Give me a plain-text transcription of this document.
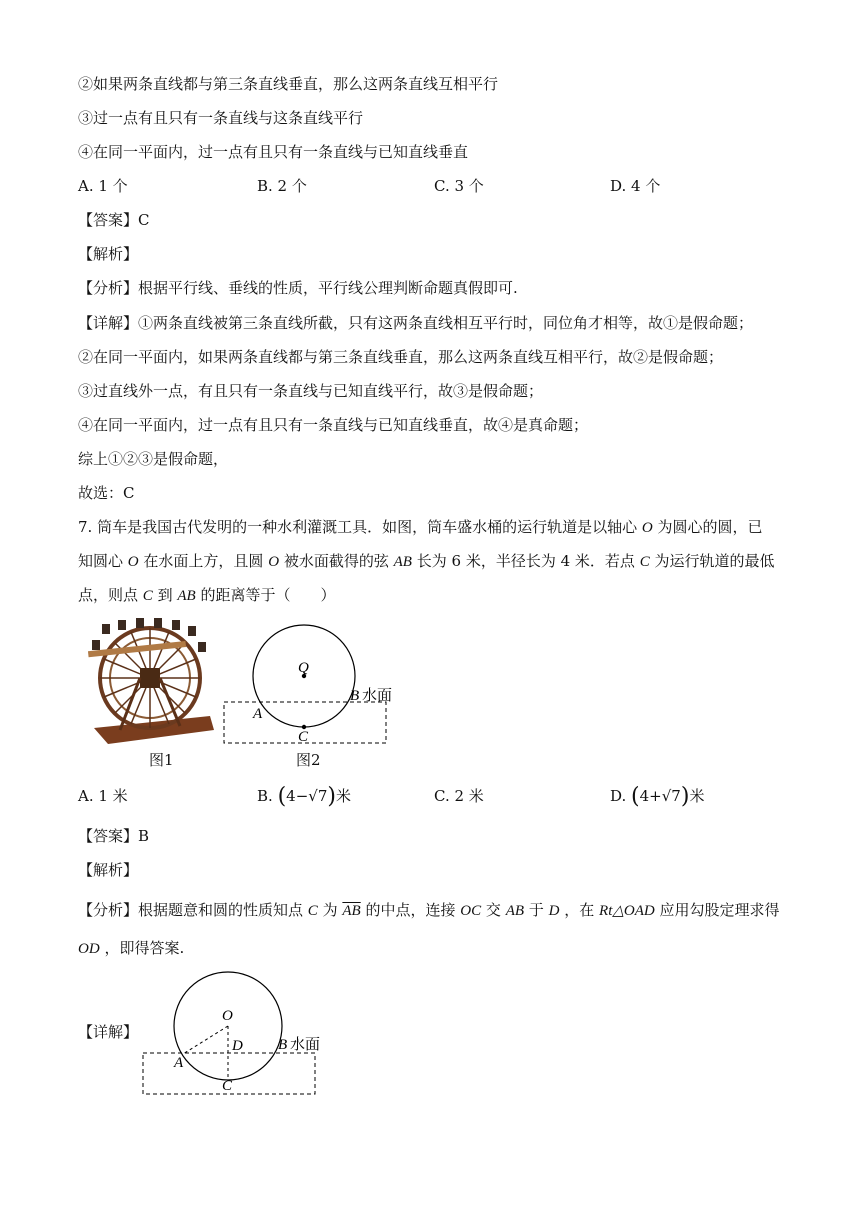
②如果两条直线都与第三条直线垂直，那么这两条直线互相平行
③过一点有且只有一条直线与这条直线平行
④在同一平面内，过一点有且只有一条直线与已知直线垂直
A. 1 个	B. 2 个	C. 3 个	D. 4 个
【答案】C
【解析】
【分析】根据平行线、垂线的性质，平行线公理判断命题真假即可.
【详解】①两条直线被第三条直线所截，只有这两条直线相互平行时，同位角才相等，故①是假命题；
②在同一平面内，如果两条直线都与第三条直线垂直，那么这两条直线互相平行，故②是假命题；
③过直线外一点，有且只有一条直线与已知直线平行，故③是假命题；
④在同一平面内，过一点有且只有一条直线与已知直线垂直，故④是真命题；
综上①②③是假命题，
故选：C
7. 筒车是我国古代发明的一种水利灌溉工具．如图，筒车盛水桶的运行轨道是以轴心 O 为圆心的圆，已
知圆心 O 在水面上方，且圆 O 被水面截得的弦 AB 长为 6 米，半径长为 4 米．若点 C 为运行轨道的最低
点，则点 C 到 AB 的距离等于（　　）
图1
Q
A
C
B 水面
图2
A. 1 米	B. (4−√7)米	C. 2 米	D. (4+√7)米
【答案】B
【解析】
【分析】根据题意和圆的性质知点 C 为 $\overline{AB}$ 的中点，连接 OC 交 AB 于 D ，在 Rt△OAD 应用勾股定理求得
OD ，即得答案.
【详解】
O
D
A
C
B 水面
